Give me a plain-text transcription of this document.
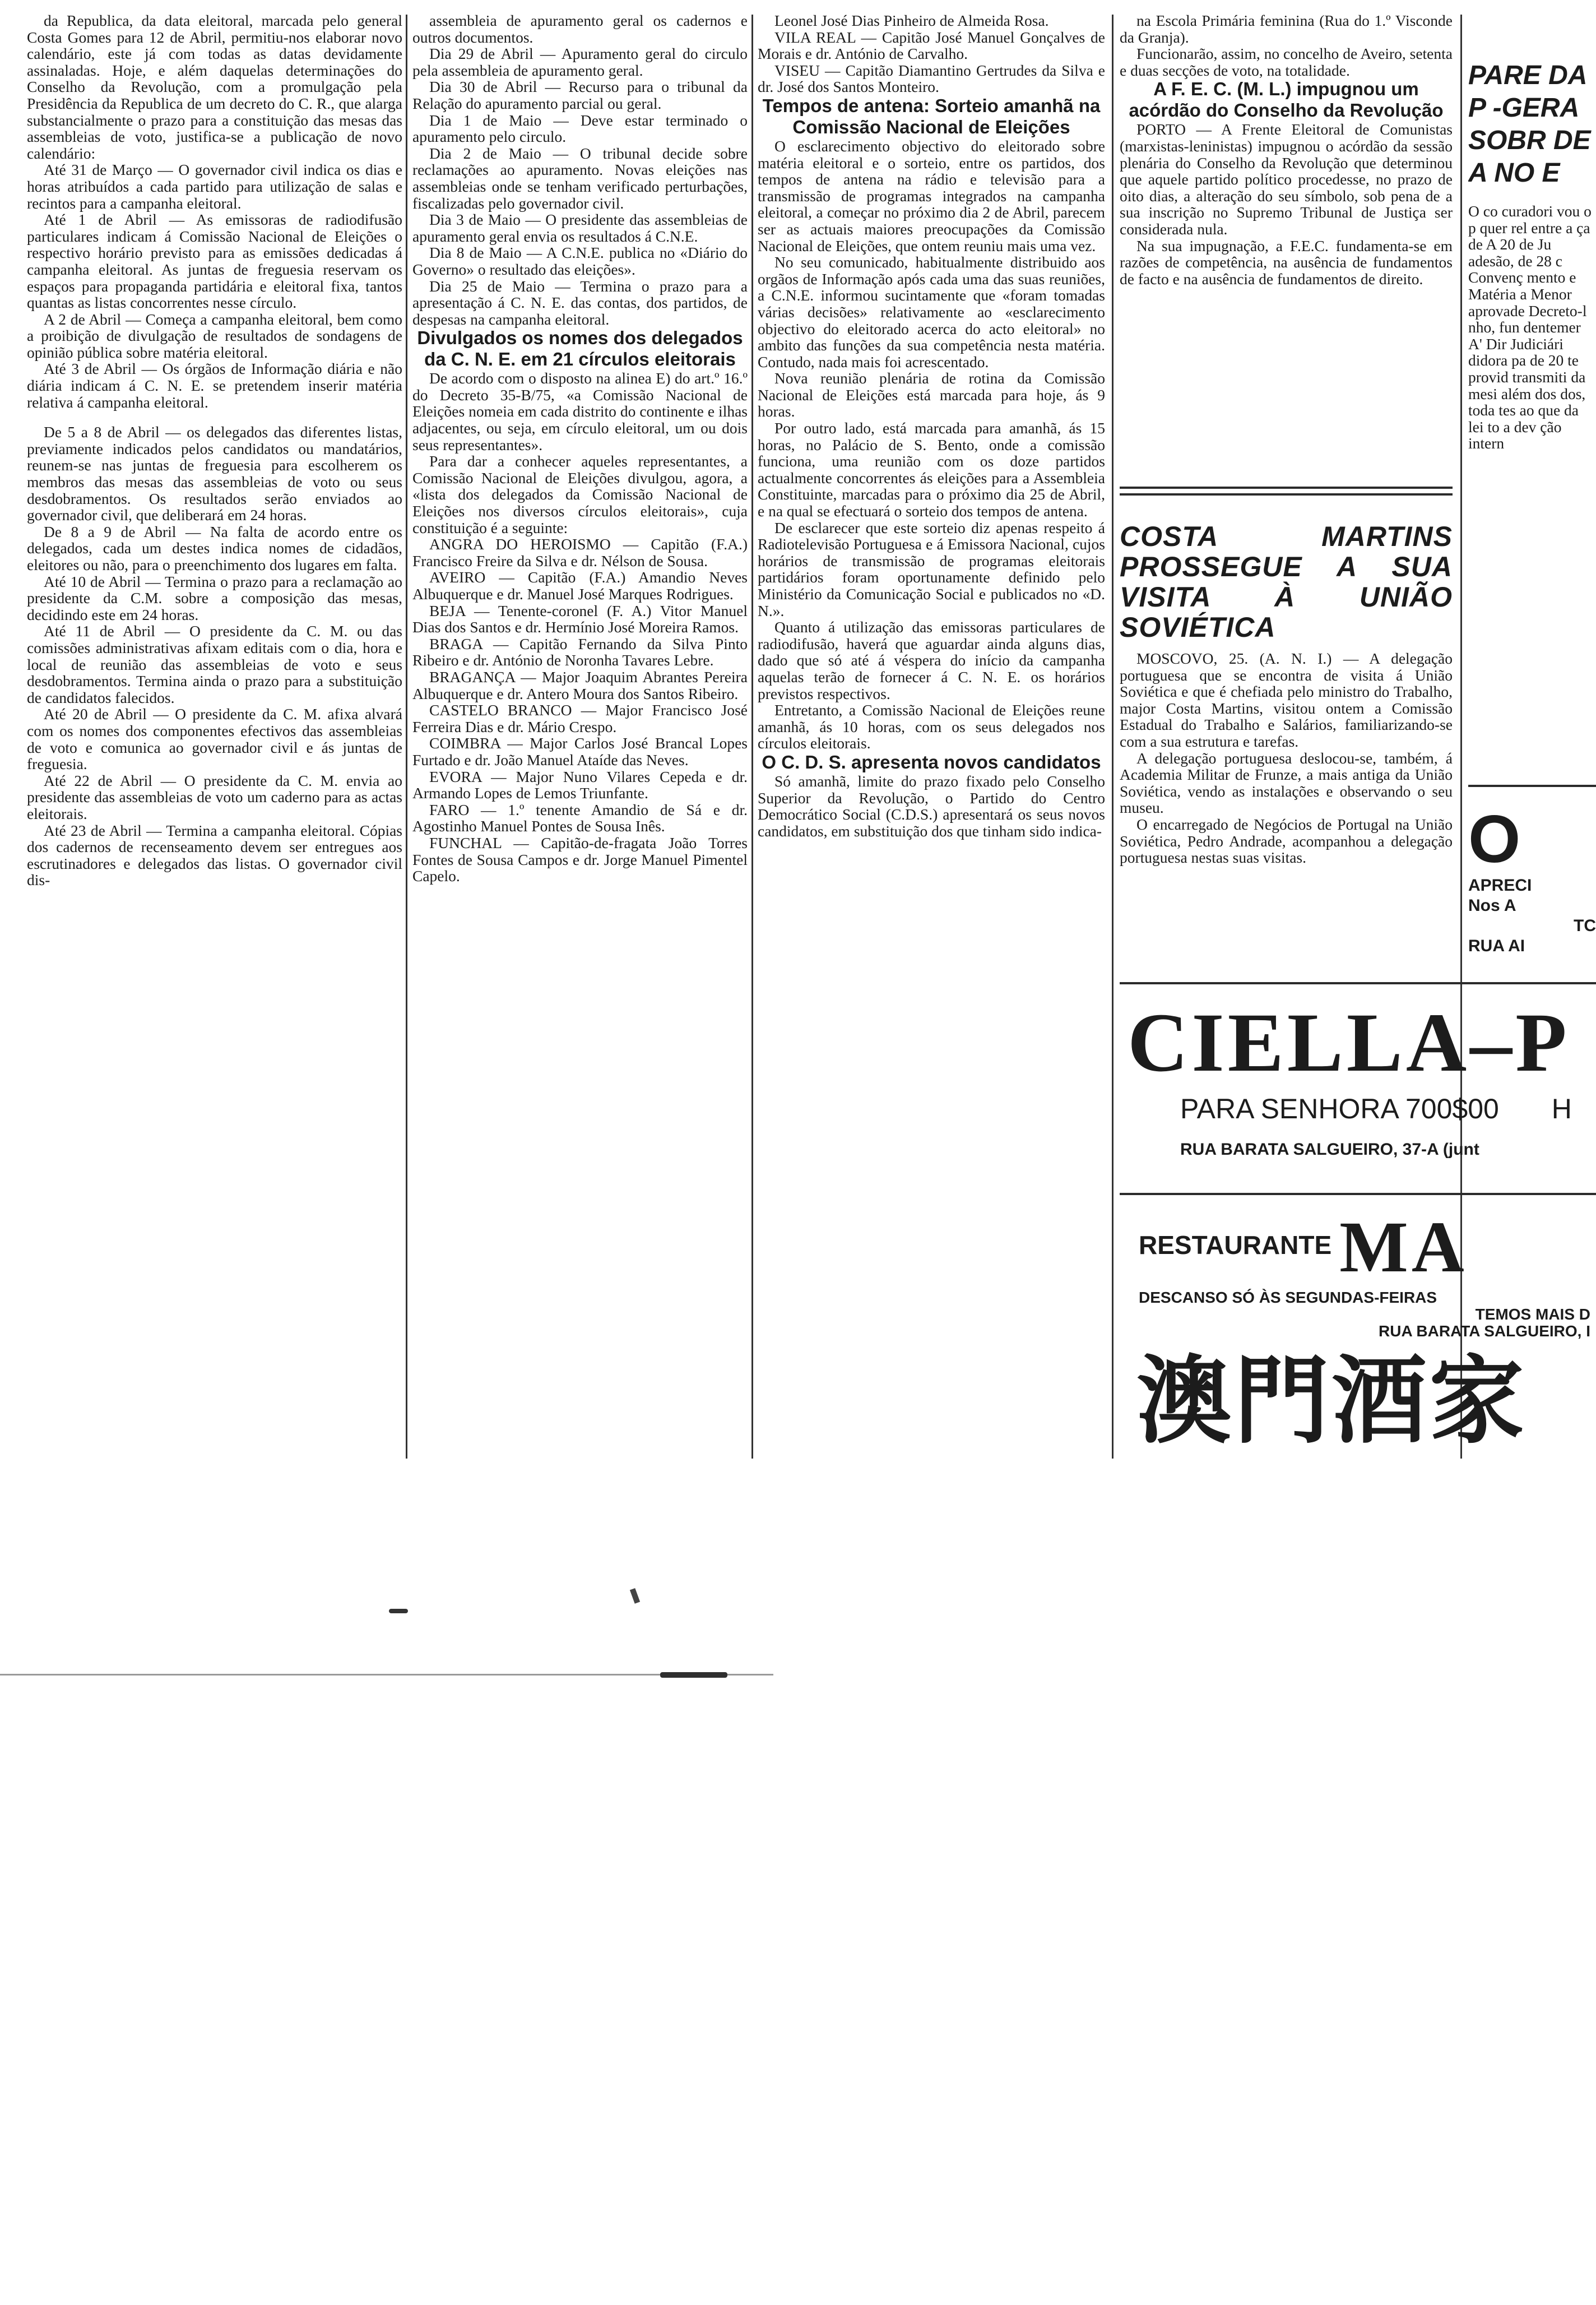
da Republica, da data eleitoral, marcada pelo general Costa Gomes para 12 de Abril, permitiu-nos elaborar novo calendário, este já com todas as datas devidamente assinaladas. Hoje, e além daquelas determinações do Conselho da Revolução, com a promulgação pela Presidência da Republica de um decreto do C. R., que alarga substancialmente o prazo para a constituição das mesas das assembleias de voto, justifica-se a publicação de novo calendário:

Até 31 de Março — O governador civil indica os dias e horas atribuídos a cada partido para utilização de salas e recintos para a campanha eleitoral.

Até 1 de Abril — As emissoras de radiodifusão particulares indicam á Comissão Nacional de Eleições o respectivo horário previsto para as emissões dedicadas á campanha eleitoral. As juntas de freguesia reservam os espaços para propaganda partidária e eleitoral fixa, tantos quantas as listas concorrentes nesse círculo.

A 2 de Abril — Começa a campanha eleitoral, bem como a proibição de divulgação de resultados de sondagens de opinião pública sobre matéria eleitoral.

Até 3 de Abril — Os órgãos de Informação diária e não diária indicam á C. N. E. se pretendem inserir matéria relativa á campanha eleitoral.

De 5 a 8 de Abril — os delegados das diferentes listas, previamente indicados pelos candidatos ou mandatários, reunem-se nas juntas de freguesia para escolherem os membros das mesas das assembleias de voto ou seus desdobramentos. Os resultados serão enviados ao governador civil, que deliberará em 24 horas.

De 8 a 9 de Abril — Na falta de acordo entre os delegados, cada um destes indica nomes de cidadãos, eleitores ou não, para o preenchimento dos lugares em falta.

Até 10 de Abril — Termina o prazo para a reclamação ao presidente da C.M. sobre a composição das mesas, decidindo este em 24 horas.

Até 11 de Abril — O presidente da C. M. ou das comissões administrativas afixam editais com o dia, hora e local de reunião das assembleias de voto e seus desdobramentos. Termina ainda o prazo para a substituição de candidatos falecidos.

Até 20 de Abril — O presidente da C. M. afixa alvará com os nomes dos componentes efectivos das assembleias de voto e comunica ao governador civil e ás juntas de freguesia.

Até 22 de Abril — O presidente da C. M. envia ao presidente das assembleias de voto um caderno para as actas eleitorais.

Até 23 de Abril — Termina a campanha eleitoral. Cópias dos cadernos de recenseamento devem ser entregues aos escrutinadores e delegados das listas. O governador civil dis-

assembleia de apuramento geral os cadernos e outros documentos.

Dia 29 de Abril — Apuramento geral do circulo pela assembleia de apuramento geral.

Dia 30 de Abril — Recurso para o tribunal da Relação do apuramento parcial ou geral.

Dia 1 de Maio — Deve estar terminado o apuramento pelo circulo.

Dia 2 de Maio — O tribunal decide sobre reclamações ao apuramento. Novas eleições nas assembleias onde se tenham verificado perturbações, fiscalizadas pelo governador civil.

Dia 3 de Maio — O presidente das assembleias de apuramento geral envia os resultados á C.N.E.

Dia 8 de Maio — A C.N.E. publica no «Diário do Governo» o resultado das eleições».

Dia 25 de Maio — Termina o prazo para a apresentação á C. N. E. das contas, dos partidos, de despesas na campanha eleitoral.

Divulgados os nomes dos delegados da C. N. E. em 21 círculos eleitorais

De acordo com o disposto na alinea E) do art.º 16.º do Decreto 35-B/75, «a Comissão Nacional de Eleições nomeia em cada distrito do continente e ilhas adjacentes, ou seja, em círculo eleitoral, um ou dois seus representantes».

Para dar a conhecer aqueles representantes, a Comissão Nacional de Eleições divulgou, agora, a «lista dos delegados da Comissão Nacional de Eleições nos diversos círculos eleitorais», cuja constituição é a seguinte:

ANGRA DO HEROISMO — Capitão (F.A.) Francisco Freire da Silva e dr. Nélson de Sousa.

AVEIRO — Capitão (F.A.) Amandio Neves Albuquerque e dr. Manuel José Marques Rodrigues.

BEJA — Tenente-coronel (F. A.) Vitor Manuel Dias dos Santos e dr. Hermínio José Moreira Ramos.

BRAGA — Capitão Fernando da Silva Pinto Ribeiro e dr. António de Noronha Tavares Lebre.

BRAGANÇA — Major Joaquim Abrantes Pereira Albuquerque e dr. Antero Moura dos Santos Ribeiro.

CASTELO BRANCO — Major Francisco José Ferreira Dias e dr. Mário Crespo.

COIMBRA — Major Carlos José Brancal Lopes Furtado e dr. João Manuel Ataíde das Neves.

EVORA — Major Nuno Vilares Cepeda e dr. Armando Lopes de Lemos Triunfante.

FARO — 1.º tenente Amandio de Sá e dr. Agostinho Manuel Pontes de Sousa Inês.

FUNCHAL — Capitão-de-fragata João Torres Fontes de Sousa Campos e dr. Jorge Manuel Pimentel Capelo.

Leonel José Dias Pinheiro de Almeida Rosa.

VILA REAL — Capitão José Manuel Gonçalves de Morais e dr. António de Carvalho.

VISEU — Capitão Diamantino Gertrudes da Silva e dr. José dos Santos Monteiro.

Tempos de antena: Sorteio amanhã na Comissão Nacional de Eleições

O esclarecimento objectivo do eleitorado sobre matéria eleitoral e o sorteio, entre os partidos, dos tempos de antena na rádio e televisão para a transmissão de programas integrados na campanha eleitoral, a começar no próximo dia 2 de Abril, parecem ser as actuais maiores preocupações da Comissão Nacional de Eleições, que ontem reuniu mais uma vez.

No seu comunicado, habitualmente distribuido aos orgãos de Informação após cada uma das suas reuniões, a C.N.E. informou sucintamente que «foram tomadas várias decisões» relativamente ao «esclarecimento objectivo do eleitorado acerca do acto eleitoral» no ambito das funções da sua competência nesta matéria. Contudo, nada mais foi acrescentado.

Nova reunião plenária de rotina da Comissão Nacional de Eleições está marcada para hoje, ás 9 horas.

Por outro lado, está marcada para amanhã, ás 15 horas, no Palácio de S. Bento, onde a comissão funciona, uma reunião com os doze partidos actualmente concorrentes ás eleições para a Assembleia Constituinte, marcadas para o próximo dia 25 de Abril, e na qual se efectuará o sorteio dos tempos de antena.

De esclarecer que este sorteio diz apenas respeito á Radiotelevisão Portuguesa e á Emissora Nacional, cujos horários de transmissão de programas eleitorais partidários foram oportunamente definido pelo Ministério da Comunicação Social e publicados no «D. N.».

Quanto á utilização das emissoras particulares de radiodifusão, haverá que aguardar ainda alguns dias, dado que só até á véspera do início da campanha aquelas terão de fornecer á C. N. E. os horários previstos respectivos.

Entretanto, a Comissão Nacional de Eleições reune amanhã, ás 10 horas, com os seus delegados nos círculos eleitorais.

O C. D. S. apresenta novos candidatos

Só amanhã, limite do prazo fixado pelo Conselho Superior da Revolução, o Partido do Centro Democrático Social (C.D.S.) apresentará os seus novos candidatos, em substituição dos que tinham sido indica-

na Escola Primária feminina (Rua do 1.º Visconde da Granja).

Funcionarão, assim, no concelho de Aveiro, setenta e duas secções de voto, na totalidade.

A F. E. C. (M. L.) impugnou um acórdão do Conselho da Revolução

PORTO — A Frente Eleitoral de Comunistas (marxistas-leninistas) impugnou o acórdão da sessão plenária do Conselho da Revolução que determinou que aquele partido político procedesse, no prazo de oito dias, a alteração do seu símbolo, sob pena de a sua inscrição no Supremo Tribunal de Justiça ser considerada nula.

Na sua impugnação, a F.E.C. fundamenta-se em razões de competência, na ausência de fundamentos de facto e na ausência de fundamentos de direito.

COSTA MARTINS PROSSEGUE A SUA VISITA À UNIÃO SOVIÉTICA

MOSCOVO, 25. (A. N. I.) — A delegação portuguesa que se encontra de visita á União Soviética e que é chefiada pelo ministro do Trabalho, major Costa Martins, visitou ontem a Comissão Estadual do Trabalho e Salários, familiarizando-se com a sua estrutura e tarefas.

A delegação portuguesa deslocou-se, também, á Academia Militar de Frunze, a mais antiga da União Soviética, vendo as instalações e observando o seu museu.

O encarregado de Negócios de Portugal na União Soviética, Pedro Andrade, acompanhou a delegação portuguesa nestas suas visitas.

PARE DA P -GERA SOBR DE A NO E

O co curadori vou o p quer rel entre a ça de A 20 de Ju adesão, de 28 c Convenç mento e Matéria a Menor aprovade Decreto-l nho, fun dentemer A' Dir Judiciári didora pa de 20 te provid transmiti da mesi além dos dos, toda tes ao que da lei to a dev ção intern

O
APRECI
Nos A
TC
RUA AI
CIELLA–P
PARA SENHORA 700$00 H
RUA BARATA SALGUEIRO, 37-A (junt
RESTAURANTE MA
DESCANSO SÓ ÀS SEGUNDAS-FEIRAS
TEMOS MAIS D
RUA BARATA SALGUEIRO, I
澳門酒家
